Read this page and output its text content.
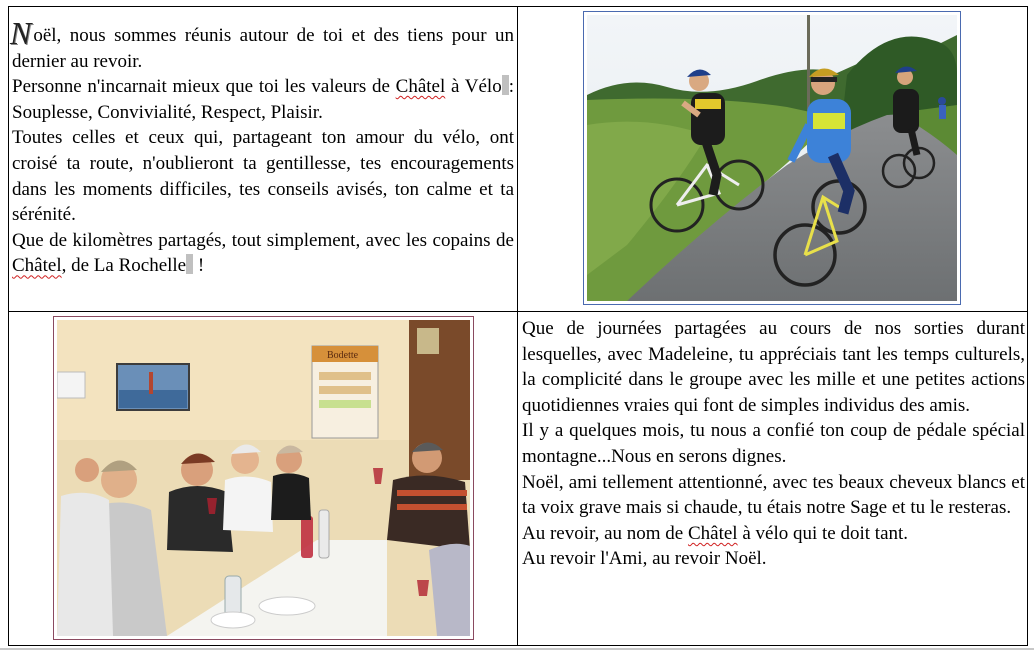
Noël, nous sommes réunis autour de toi et des tiens pour un dernier au revoir.

Personne n'incarnait mieux que toi les valeurs de Châtel à Vélo : Souplesse, Convivialité, Respect, Plaisir.

Toutes celles et ceux qui, partageant ton amour du vélo, ont croisé ta route, n'oublieront ta gentillesse, tes encouragements dans les moments difficiles, tes conseils avisés, ton calme et ta sérénité.

Que de kilomètres partagés, tout simplement, avec les copains de Châtel, de La Rochelle !

Bodette

Que de journées partagées au cours de nos sorties durant lesquelles, avec Madeleine, tu appréciais tant les temps culturels, la complicité dans le groupe avec les mille et une petites actions quotidiennes vraies qui font de simples individus des amis.

Il y a quelques mois, tu nous a confié ton coup de pédale spécial montagne...Nous en serons dignes.

Noël, ami tellement attentionné, avec tes beaux cheveux blancs et ta voix grave mais si chaude, tu étais notre Sage et tu le resteras.

Au revoir, au nom de Châtel à vélo qui te doit tant.

Au revoir l'Ami, au revoir Noël.
